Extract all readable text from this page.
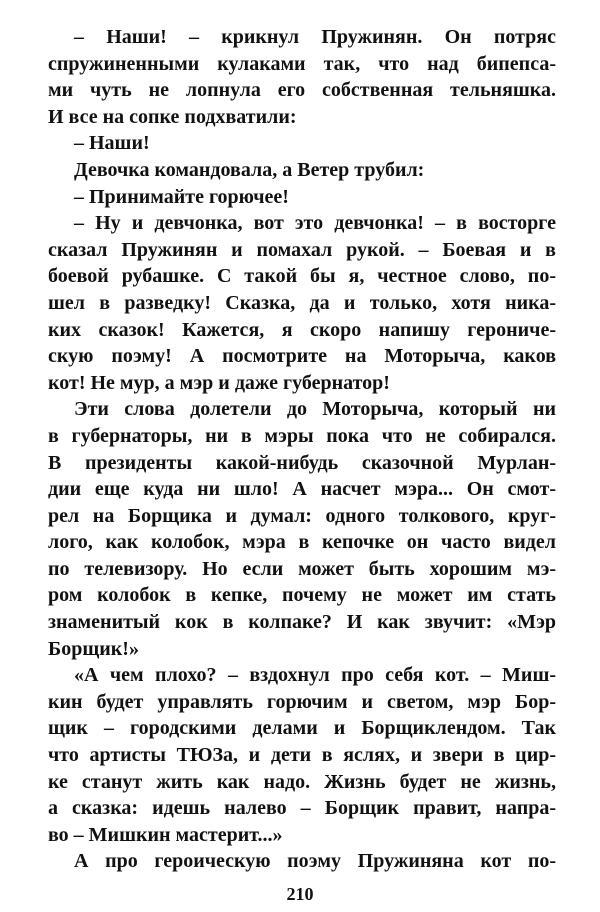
– Наши! – крикнул Пружинян. Он потряс
спружиненными кулаками так, что над бипепса-
ми чуть не лопнула его собственная тельняшка.
И все на сопке подхватили:
– Наши!
Девочка командовала, а Ветер трубил:
– Принимайте горючее!
– Ну и девчонка, вот это девчонка! – в восторге
сказал Пружинян и помахал рукой. – Боевая и в
боевой рубашке. С такой бы я, честное слово, по-
шел в разведку! Сказка, да и только, хотя ника-
ких сказок! Кажется, я скоро напишу герониче-
скую поэму! А посмотрите на Моторыча, каков
кот! Не мур, а мэр и даже губернатор!
Эти слова долетели до Моторыча, который ни
в губернаторы, ни в мэры пока что не собирался.
В президенты какой-нибудь сказочной Мурлан-
дии еще куда ни шло! А насчет мэра... Он смот-
рел на Борщика и думал: одного толкового, круг-
лого, как колобок, мэра в кепочке он часто видел
по телевизору. Но если может быть хорошим мэ-
ром колобок в кепке, почему не может им стать
знаменитый кок в колпаке? И как звучит: «Мэр
Борщик!»
«А чем плохо? – вздохнул про себя кот. – Миш-
кин будет управлять горючим и светом, мэр Бор-
щик – городскими делами и Борщиклендом. Так
что артисты ТЮЗа, и дети в яслях, и звери в цир-
ке станут жить как надо. Жизнь будет не жизнь,
а сказка: идешь налево – Борщик правит, напра-
во – Мишкин мастерит...»
А про героическую поэму Пружиняна кот по-
210
